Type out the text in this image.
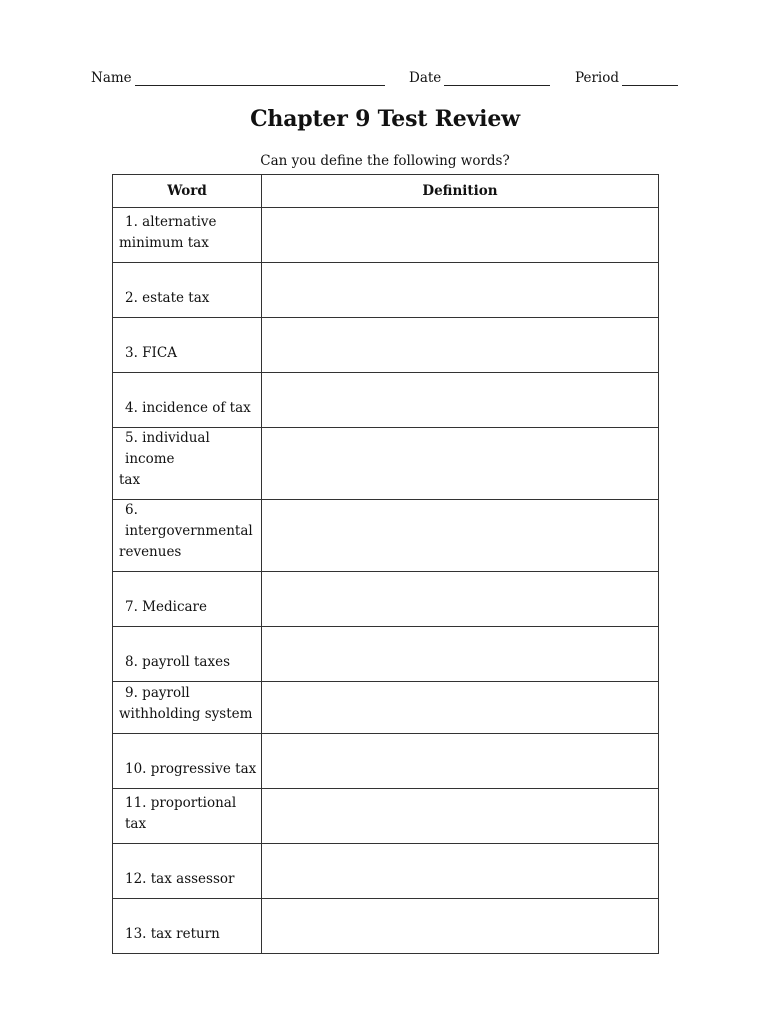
Name	Date	Period
Chapter 9 Test Review
Can you define the following words?
Word	Definition

1. alternative
minimum tax	

2. estate tax	

3. FICA	

4. incidence of tax	

5. individual income
tax	

6. intergovernmental
revenues	

7. Medicare	

8. payroll taxes	

9. payroll
withholding system	

10. progressive tax	

11. proportional tax	

12. tax assessor	

13. tax return	
